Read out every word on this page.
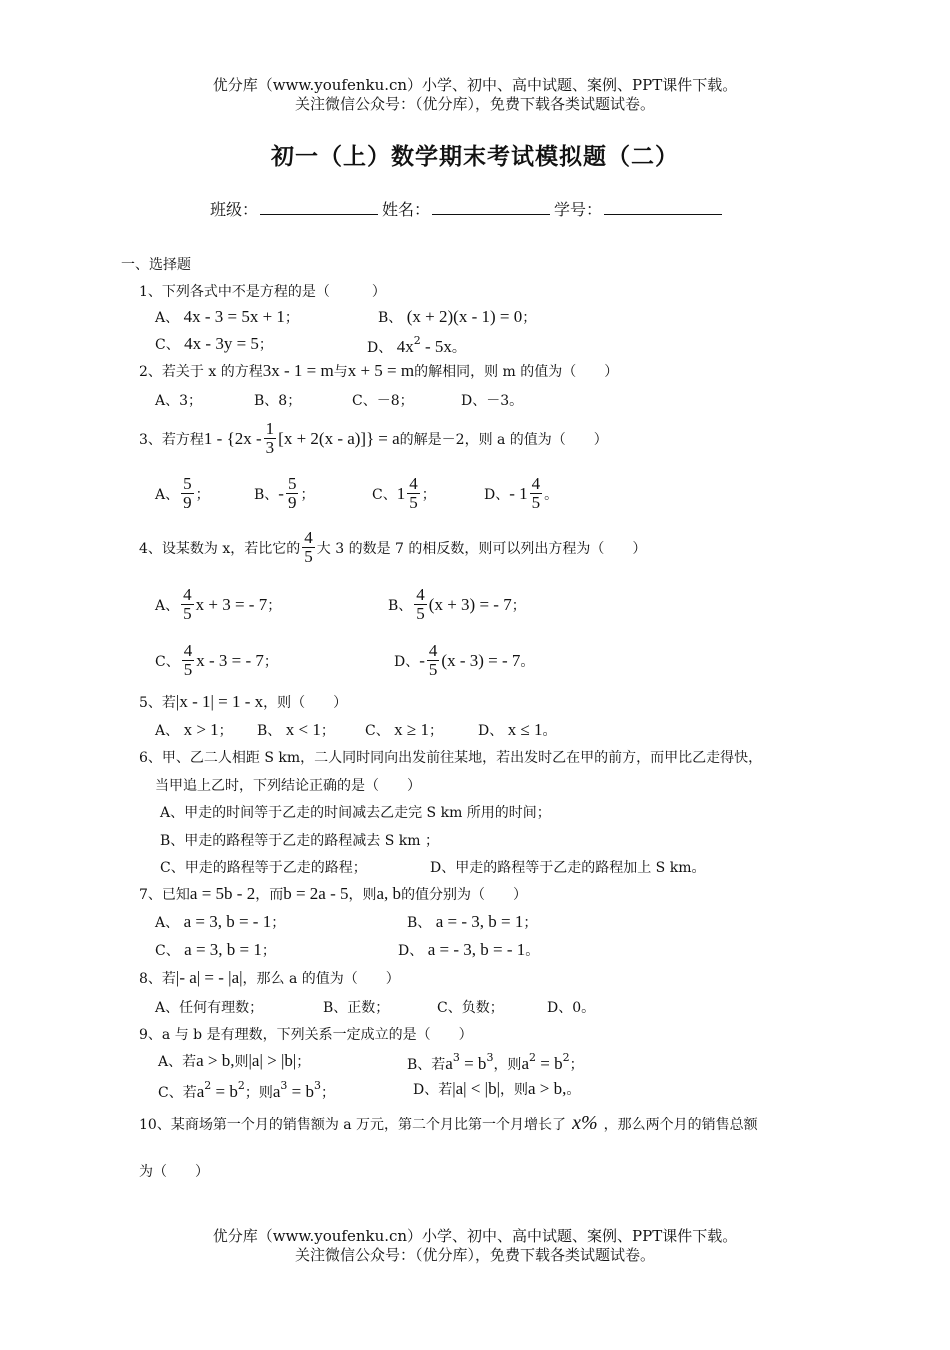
优分库（www.youfenku.cn）小学、初中、高中试题、案例、PPT课件下载。
关注微信公众号：（优分库），免费下载各类试题试卷。
初一（上）数学期末考试模拟题（二）
班级：	姓名：	学号：
一、选择题
1、下列各式中不是方程的是（　　　）
A、 4x - 3 = 5x + 1；	B、 (x + 2)(x - 1) = 0；
C、 4x - 3y = 5；	D、 $4x^2 - 5x$。
2、若关于 x 的方程3x - 1 = m与x + 5 = m的解相同，则 m 的值为（　　）
A、3；	B、8；	C、－8；	D、－3。
3、若方程 $1 - \{2x - \frac{1}{3} [x + 2(x - a)]\} = a$ 的解是－2，则 a 的值为（　　）
A、 $\frac{5}{9}$ ；	B、 - $\frac{5}{9}$ ；	C、 $1 \frac{4}{5}$ ；	D、 - $1 \frac{4}{5}$ 。
4、设某数为 x，若比它的 $\frac{4}{5}$ 大 3 的数是 7 的相反数，则可以列出方程为（　　）
A、 $\frac{4}{5}$ x + 3 = - 7 ；	B、 $\frac{4}{5} (x + 3)$ = - 7 ；
C、 $\frac{4}{5}$ x - 3 = - 7 ；	D、 - $\frac{4}{5} (x - 3)$ = - 7 。
5、若|x - 1| = 1 - x，则（　　）
A、 x > 1； B、 x < 1； C、 x ≥ 1； D、 x ≤ 1。
6、甲、乙二人相距 S km，二人同时同向出发前往某地，若出发时乙在甲的前方，而甲比乙走得快，
当甲追上乙时，下列结论正确的是（　　）
A、甲走的时间等于乙走的时间减去乙走完 S km 所用的时间；
B、甲走的路程等于乙走的路程减去 S km ；
C、甲走的路程等于乙走的路程；	D、甲走的路程等于乙走的路程加上 S km。
7、已知a = 5b - 2，而b = 2a - 5，则a, b的值分别为（　　）
A、 a = 3, b = - 1；	B、 a = - 3, b = 1；
C、 a = 3, b = 1；	D、 a = - 3, b = - 1。
8、若|- a| = - |a|，那么 a 的值为（　　）
A、任何有理数；	B、正数；	C、负数；	D、0。
9、a 与 b 是有理数，下列关系一定成立的是（　　）
A、若a > b,则|a| > |b|；	B、若$a^3 = b^3$，则$a^2 = b^2$；
C、若$a^2 = b^2$；则$a^3 = b^3$；	D、若|a| < |b|，则a > b,。
10、某商场第一个月的销售额为 a 万元，第二个月比第一个月增长了 x% ，那么两个月的销售总额
为（　　）
优分库（www.youfenku.cn）小学、初中、高中试题、案例、PPT课件下载。
关注微信公众号：（优分库），免费下载各类试题试卷。
